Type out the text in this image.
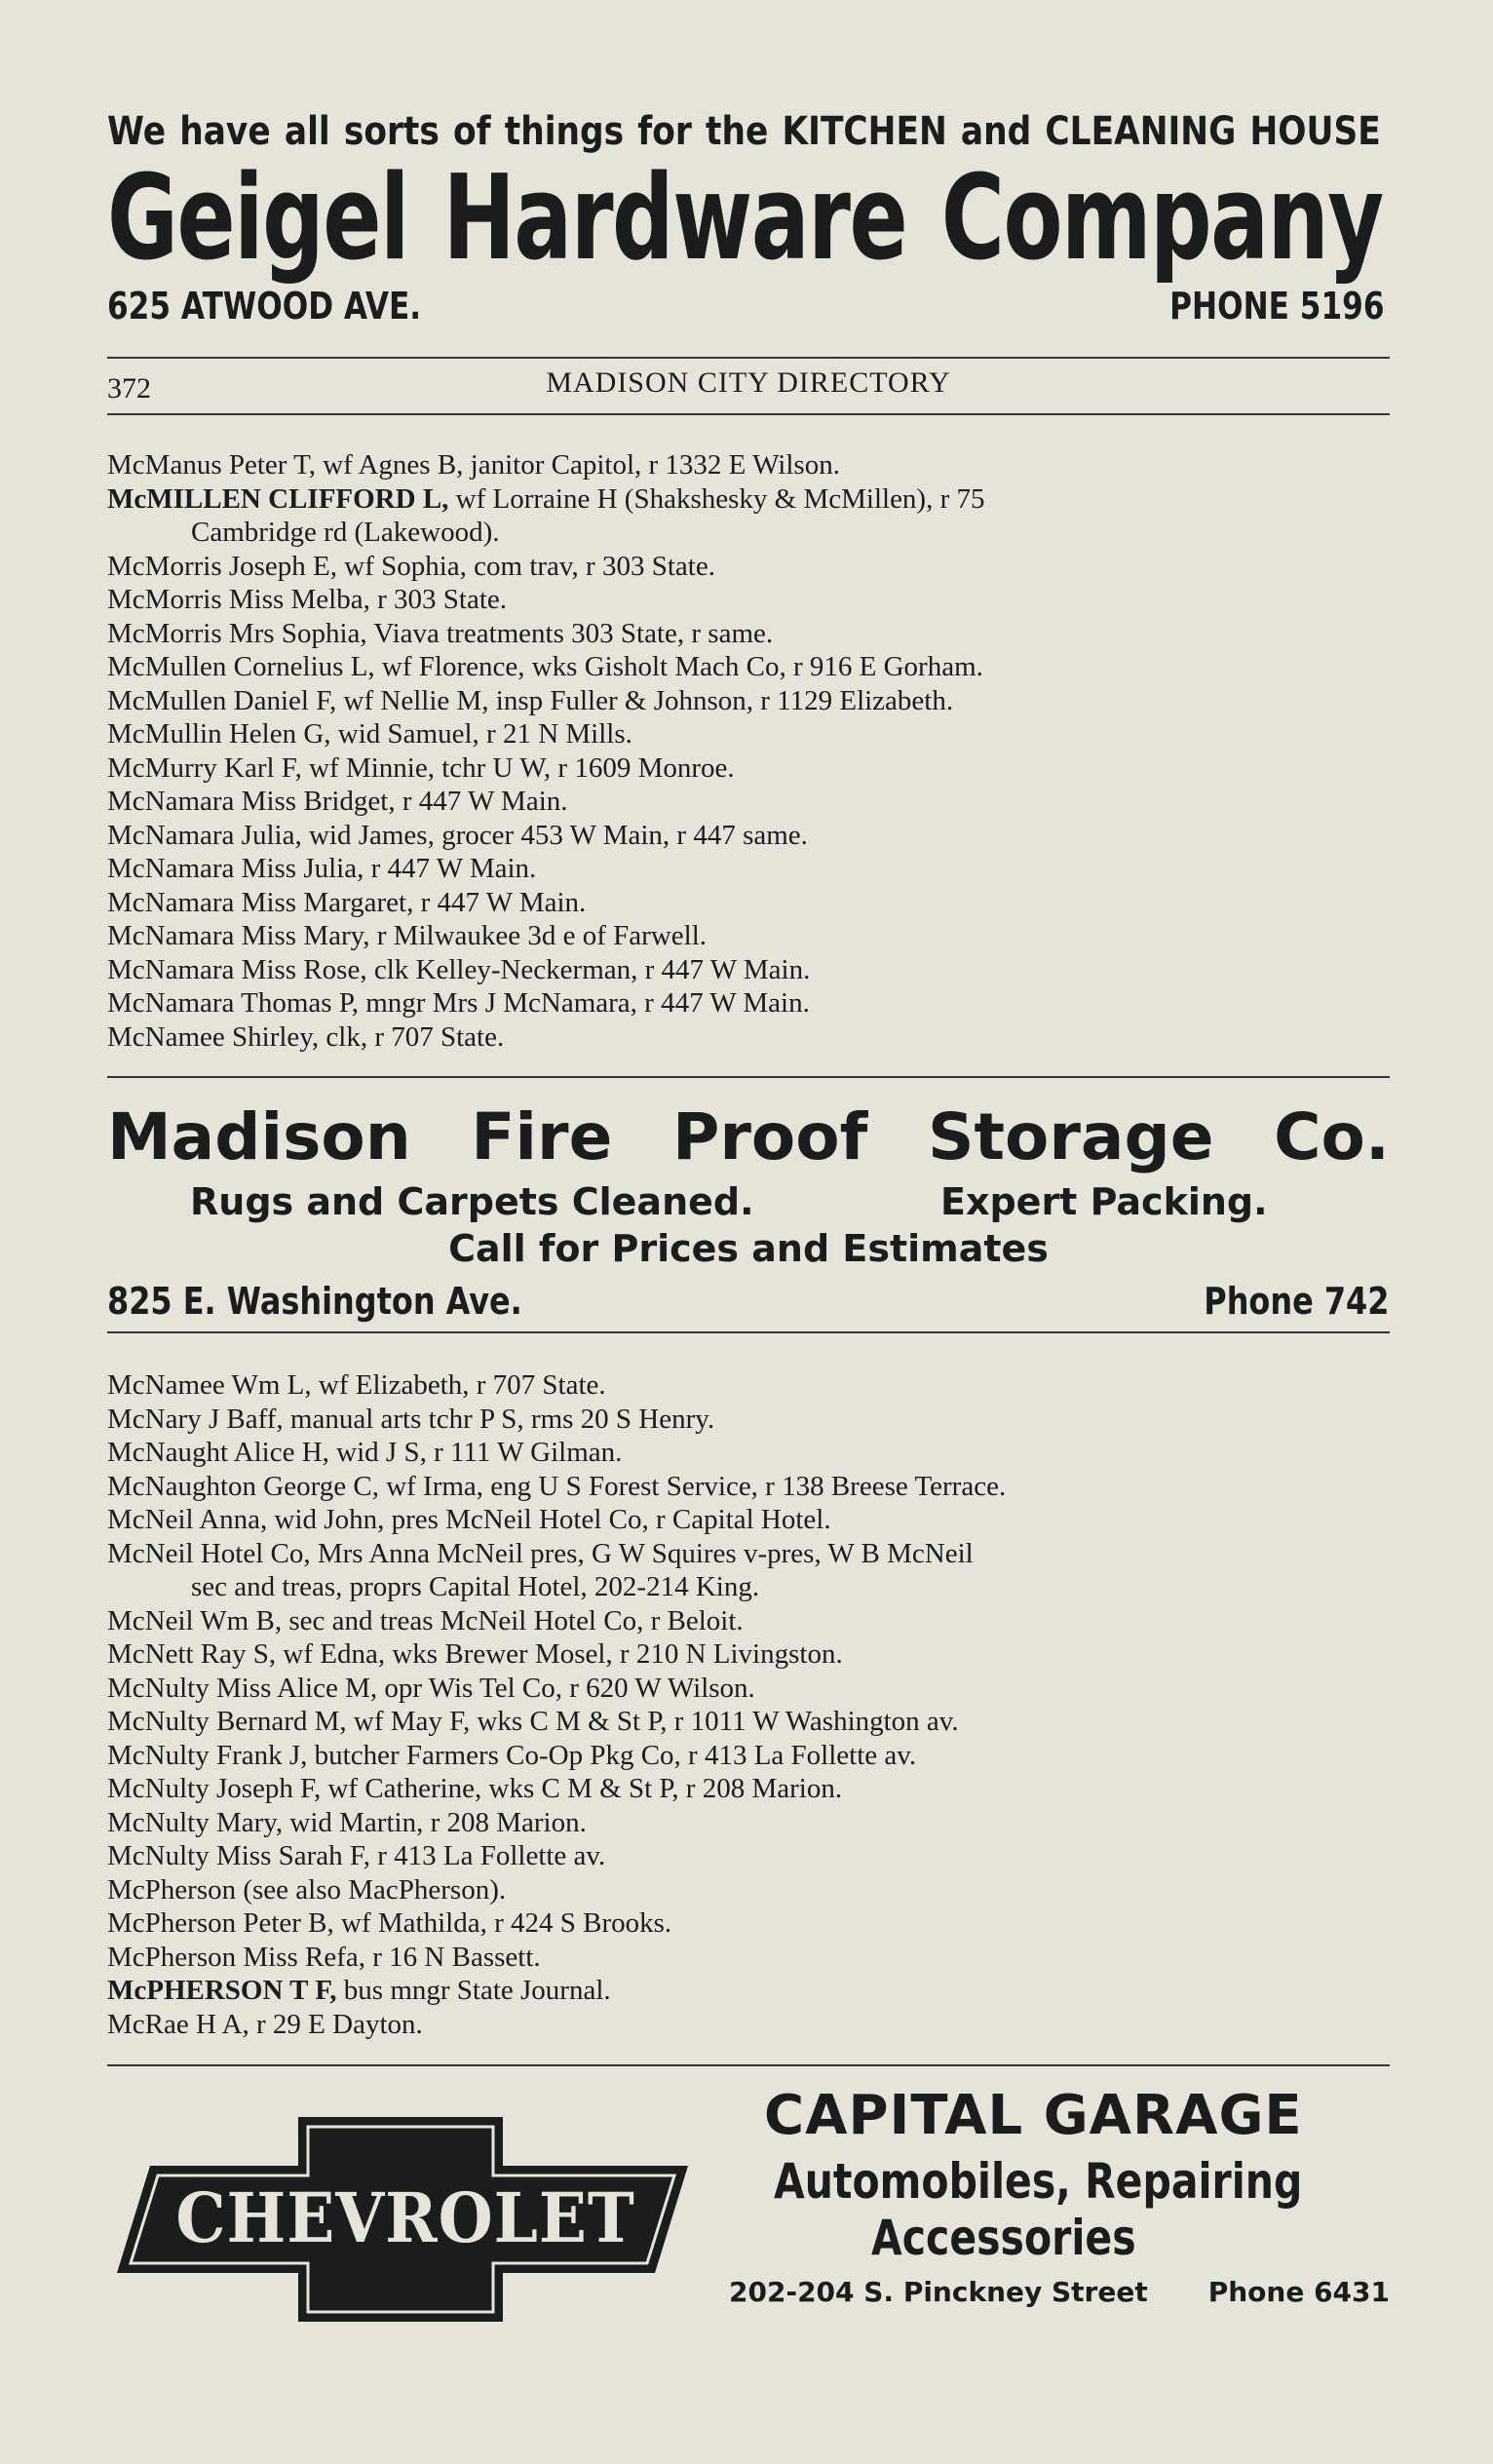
We have all sorts of things for the KITCHEN and CLEANING HOUSE
Geigel Hardware Company
625 ATWOOD AVE.	PHONE 5196
372	MADISON CITY DIRECTORY
McManus Peter T, wf Agnes B, janitor Capitol, r 1332 E Wilson.
McMILLEN CLIFFORD L, wf Lorraine H (Shakshesky & McMillen), r 75
Cambridge rd (Lakewood).
McMorris Joseph E, wf Sophia, com trav, r 303 State.
McMorris Miss Melba, r 303 State.
McMorris Mrs Sophia, Viava treatments 303 State, r same.
McMullen Cornelius L, wf Florence, wks Gisholt Mach Co, r 916 E Gorham.
McMullen Daniel F, wf Nellie M, insp Fuller & Johnson, r 1129 Elizabeth.
McMullin Helen G, wid Samuel, r 21 N Mills.
McMurry Karl F, wf Minnie, tchr U W, r 1609 Monroe.
McNamara Miss Bridget, r 447 W Main.
McNamara Julia, wid James, grocer 453 W Main, r 447 same.
McNamara Miss Julia, r 447 W Main.
McNamara Miss Margaret, r 447 W Main.
McNamara Miss Mary, r Milwaukee 3d e of Farwell.
McNamara Miss Rose, clk Kelley-Neckerman, r 447 W Main.
McNamara Thomas P, mngr Mrs J McNamara, r 447 W Main.
McNamee Shirley, clk, r 707 State.
Madison Fire Proof Storage Co.
Rugs and Carpets Cleaned.	Expert Packing.
Call for Prices and Estimates
825 E. Washington Ave.	Phone 742
McNamee Wm L, wf Elizabeth, r 707 State.
McNary J Baff, manual arts tchr P S, rms 20 S Henry.
McNaught Alice H, wid J S, r 111 W Gilman.
McNaughton George C, wf Irma, eng U S Forest Service, r 138 Breese Terrace.
McNeil Anna, wid John, pres McNeil Hotel Co, r Capital Hotel.
McNeil Hotel Co, Mrs Anna McNeil pres, G W Squires v-pres, W B McNeil
sec and treas, proprs Capital Hotel, 202-214 King.
McNeil Wm B, sec and treas McNeil Hotel Co, r Beloit.
McNett Ray S, wf Edna, wks Brewer Mosel, r 210 N Livingston.
McNulty Miss Alice M, opr Wis Tel Co, r 620 W Wilson.
McNulty Bernard M, wf May F, wks C M & St P, r 1011 W Washington av.
McNulty Frank J, butcher Farmers Co-Op Pkg Co, r 413 La Follette av.
McNulty Joseph F, wf Catherine, wks C M & St P, r 208 Marion.
McNulty Mary, wid Martin, r 208 Marion.
McNulty Miss Sarah F, r 413 La Follette av.
McPherson (see also MacPherson).
McPherson Peter B, wf Mathilda, r 424 S Brooks.
McPherson Miss Refa, r 16 N Bassett.
McPHERSON T F, bus mngr State Journal.
McRae H A, r 29 E Dayton.
CHEVROLET
CAPITAL GARAGE
Automobiles, Repairing
Accessories
202-204 S. Pinckney Street Phone 6431
